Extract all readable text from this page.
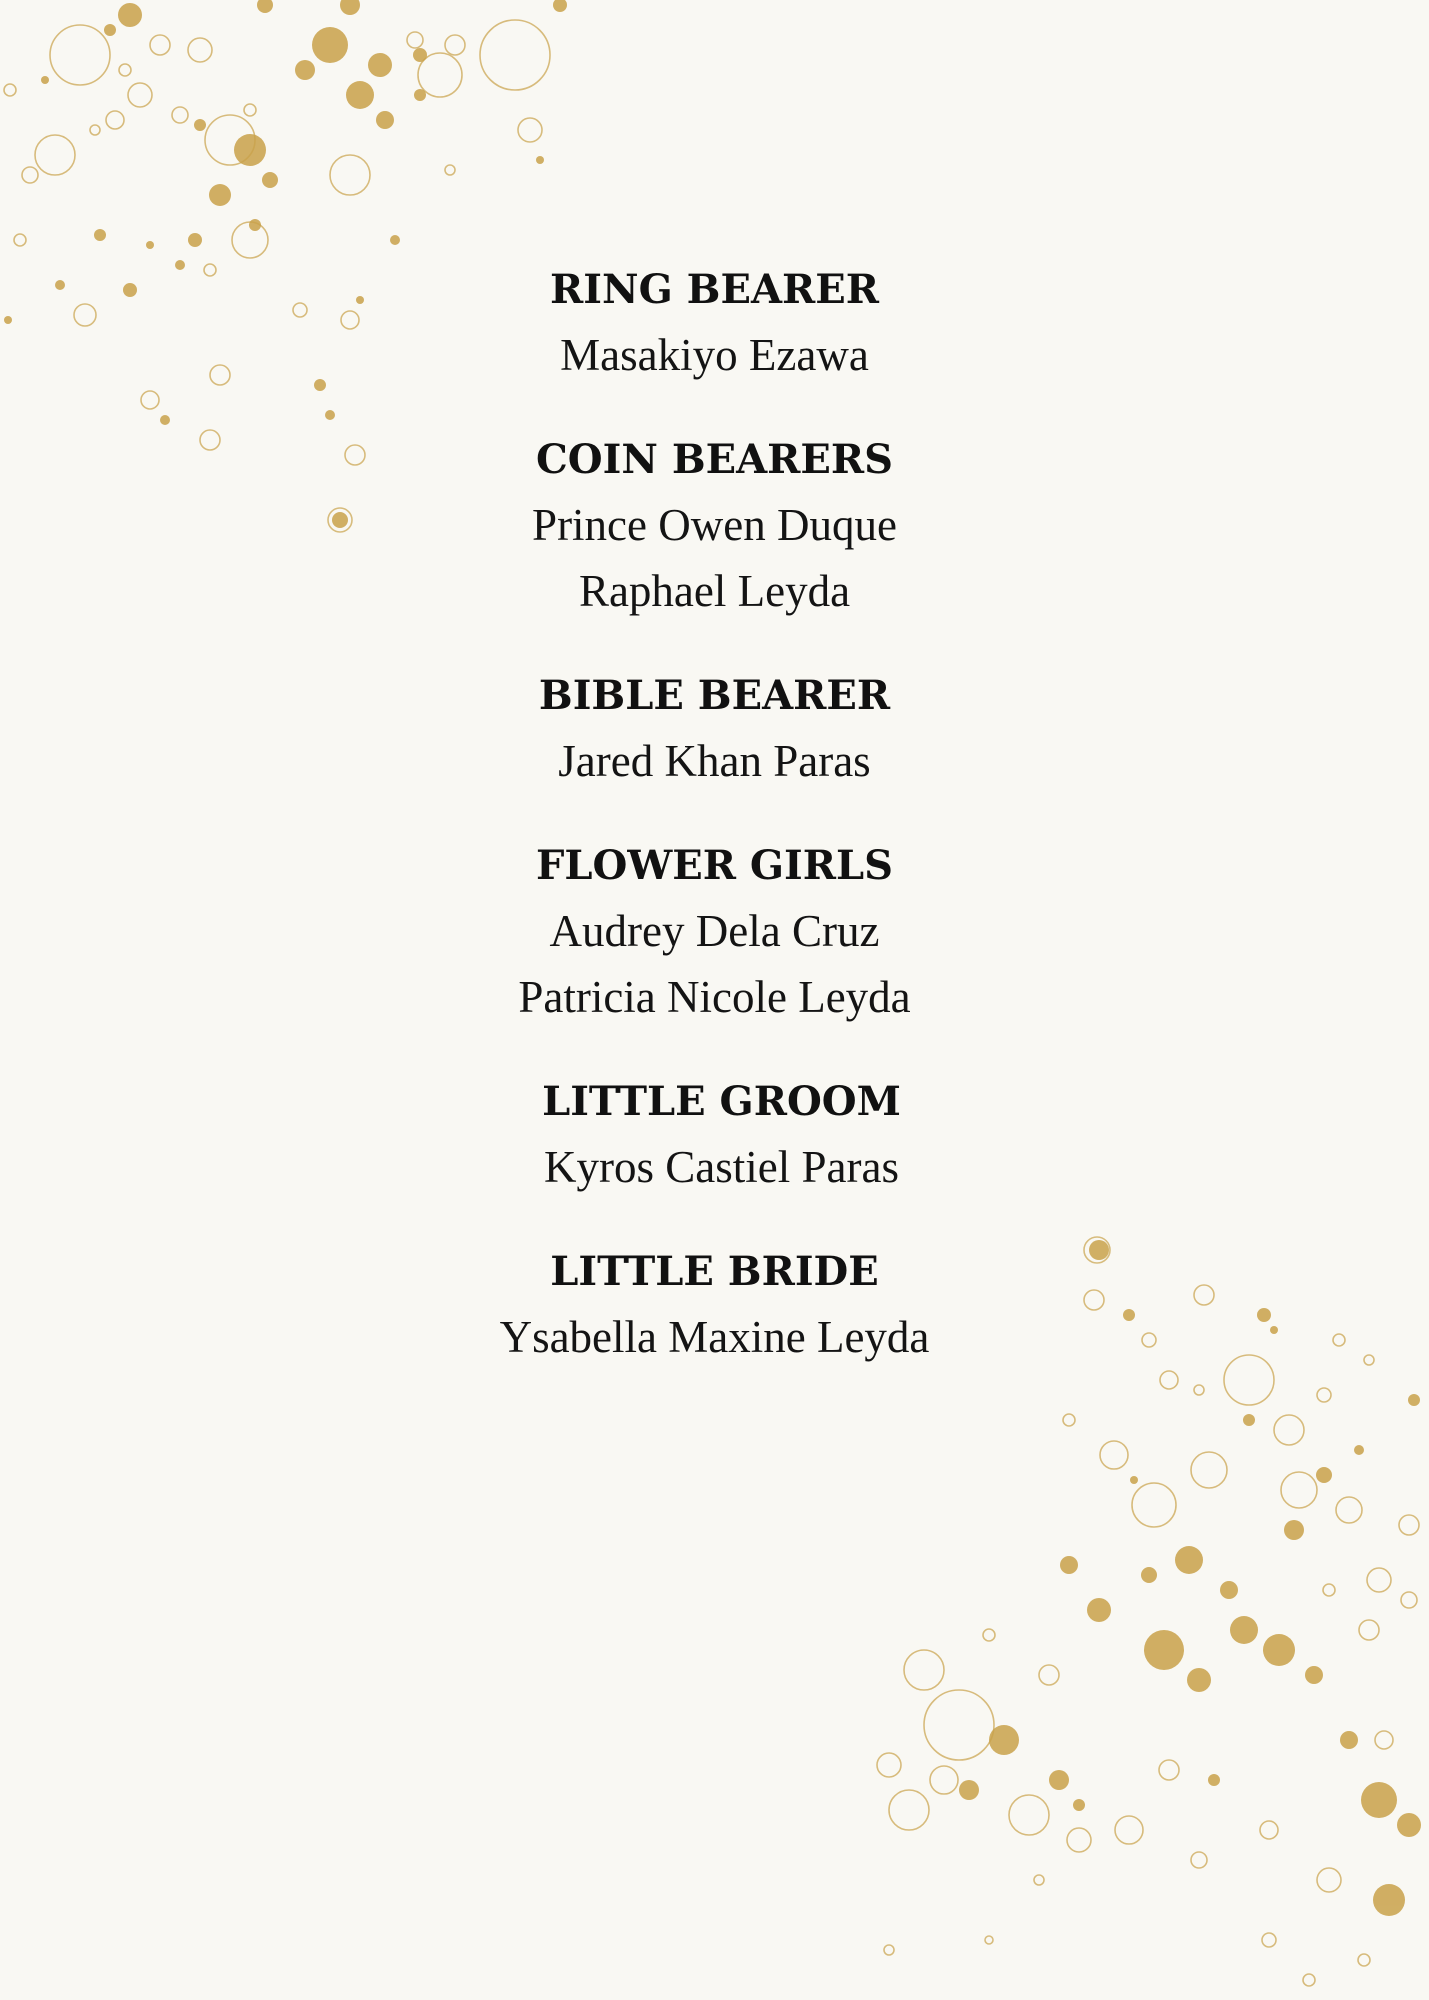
RING BEARER
Masakiyo Ezawa
COIN BEARERS
Prince Owen Duque
Raphael Leyda
BIBLE BEARER
Jared Khan Paras
FLOWER GIRLS
Audrey Dela Cruz
Patricia Nicole Leyda
LITTLE GROOM
Kyros Castiel Paras
LITTLE BRIDE
Ysabella Maxine Leyda
